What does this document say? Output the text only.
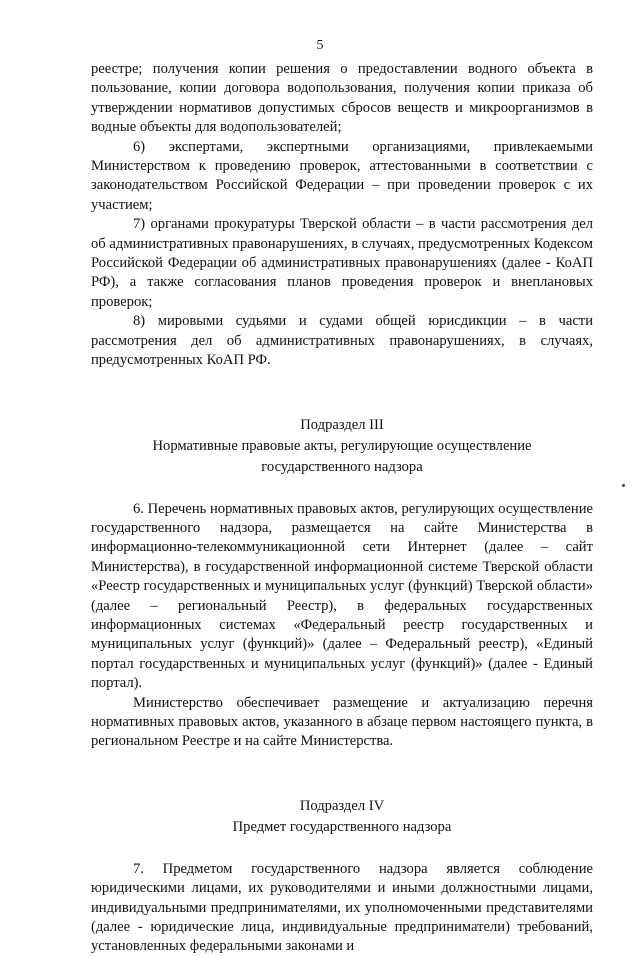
5

реестре; получения копии решения о предоставлении водного объекта в пользование, копии договора водопользования, получения копии приказа об утверждении нормативов допустимых сбросов веществ и микроорганизмов в водные объекты для водопользователей;

6) экспертами, экспертными организациями, привлекаемыми Министерством к проведению проверок, аттестованными в соответствии с законодательством Российской Федерации – при проведении проверок с их участием;

7) органами прокуратуры Тверской области – в части рассмотрения дел об административных правонарушениях, в случаях, предусмотренных Кодексом Российской Федерации об административных правонарушениях (далее - КоАП РФ), а также согласования планов проведения проверок и внеплановых проверок;

8) мировыми судьями и судами общей юрисдикции – в части рассмотрения дел об административных правонарушениях, в случаях, предусмотренных КоАП РФ.

Подраздел III
Нормативные правовые акты, регулирующие осуществление
государственного надзора

6. Перечень нормативных правовых актов, регулирующих осуществление государственного надзора, размещается на сайте Министерства в информационно-телекоммуникационной сети Интернет (далее – сайт Министерства), в государственной информационной системе Тверской области «Реестр государственных и муниципальных услуг (функций) Тверской области» (далее – региональный Реестр), в федеральных государственных информационных системах «Федеральный реестр государственных и муниципальных услуг (функций)» (далее – Федеральный реестр), «Единый портал государственных и муниципальных услуг (функций)» (далее - Единый портал).

Министерство обеспечивает размещение и актуализацию перечня нормативных правовых актов, указанного в абзаце первом настоящего пункта, в региональном Реестре и на сайте Министерства.

Подраздел IV
Предмет государственного надзора

7. Предметом государственного надзора является соблюдение юридическими лицами, их руководителями и иными должностными лицами, индивидуальными предпринимателями, их уполномоченными представителями (далее - юридические лица, индивидуальные предприниматели) требований, установленных федеральными законами и
